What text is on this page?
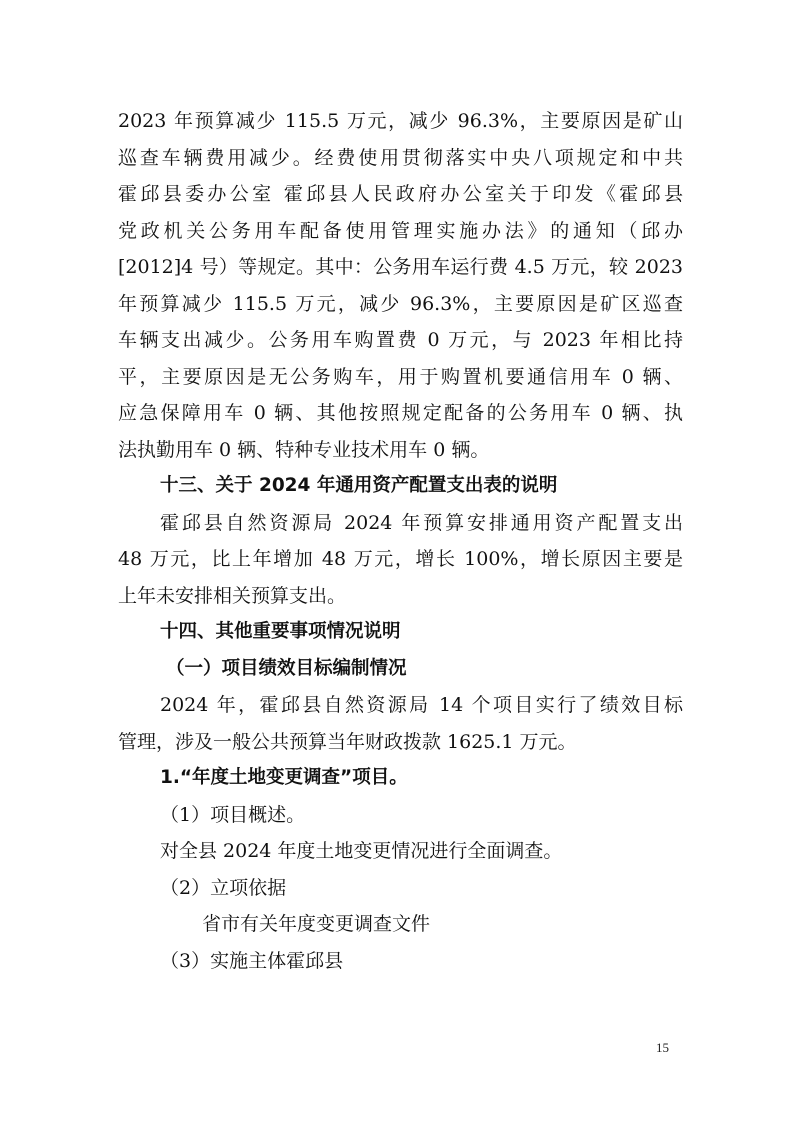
2023 年预算减少 115.5 万元，减少 96.3%，主要原因是矿山
巡查车辆费用减少。经费使用贯彻落实中央八项规定和中共
霍邱县委办公室 霍邱县人民政府办公室关于印发《霍邱县
党政机关公务用车配备使用管理实施办法》的通知（邱办
[2012]4 号）等规定。其中：公务用车运行费 4.5 万元，较 2023
年预算减少 115.5 万元，减少 96.3%，主要原因是矿区巡查
车辆支出减少。公务用车购置费 0 万元，与 2023 年相比持
平，主要原因是无公务购车，用于购置机要通信用车 0 辆、
应急保障用车 0 辆、其他按照规定配备的公务用车 0 辆、执
法执勤用车 0 辆、特种专业技术用车 0 辆。
十三、关于 2024 年通用资产配置支出表的说明
霍邱县自然资源局 2024 年预算安排通用资产配置支出
48 万元，比上年增加 48 万元，增长 100%，增长原因主要是
上年未安排相关预算支出。
十四、其他重要事项情况说明
（一）项目绩效目标编制情况
2024 年，霍邱县自然资源局 14 个项目实行了绩效目标
管理，涉及一般公共预算当年财政拨款 1625.1 万元。
1.“年度土地变更调查”项目。
（1）项目概述。
对全县 2024 年度土地变更情况进行全面调查。
（2）立项依据
省市有关年度变更调查文件
（3）实施主体霍邱县
15
